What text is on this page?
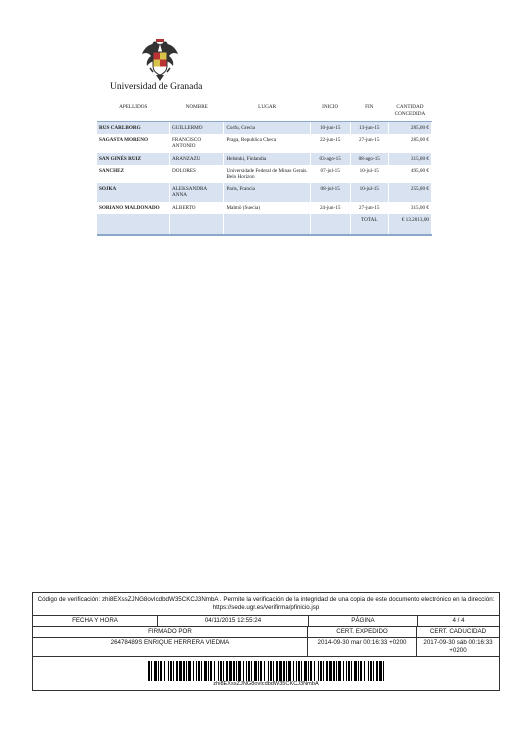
Universidad de Granada
APELLIDOS	NOMBRE	LUGAR	INICIO	FIN	CANTIDAD CONCEDIDA
RUS CARLBORG	GUILLERMO	Corfu, Grecia	10-jun-15	13-jun-15	285,00 €
SAGASTA MORENO	FRANCISCO ANTONIO	Praga, Republica Checa	22-jun-15	27-jun-15	285,00 €
SAN GINÉS RUIZ	ARANZAZU	Helsinki, Finlandia	03-ago-15	08-ago-15	315,00 €
SANCHEZ	DOLORES	Universidade Federal de Minas Gerais. Belo Horizon	07-jul-15	10-jul-15	495,00 €
SOJKA	ALEKSANDRA ANNA	Paris, Francia	08-jul-15	10-jul-15	255,00 €
SORIANO MALDONADO	ALBERTO	Malmö (Suecia)	24-jun-15	27-jun-15	315,00 €
				TOTAL	€ 13.2013,00
Código de verificación: zhi8EXssZJNG8ovIcdbdW35CKCJ3NmbA . Permite la verificación de la integridad de una copia de este documento electrónico en la dirección: https://sede.ugr.es/verifirma/pfinicio.jsp
FECHA Y HORA	04/11/2015 12:55:24	PÁGINA	4 / 4
FIRMADO POR	CERT. EXPEDIDO	CERT. CADUCIDAD
26478489S ENRIQUE HERRERA VIEDMA	2014-09-30 mar 00:16:33 +0200	2017-09-30 sáb 00:16:33 +0200
zhi8EXssZJNG8ovIcdbdW35CKCJ3NmbA
